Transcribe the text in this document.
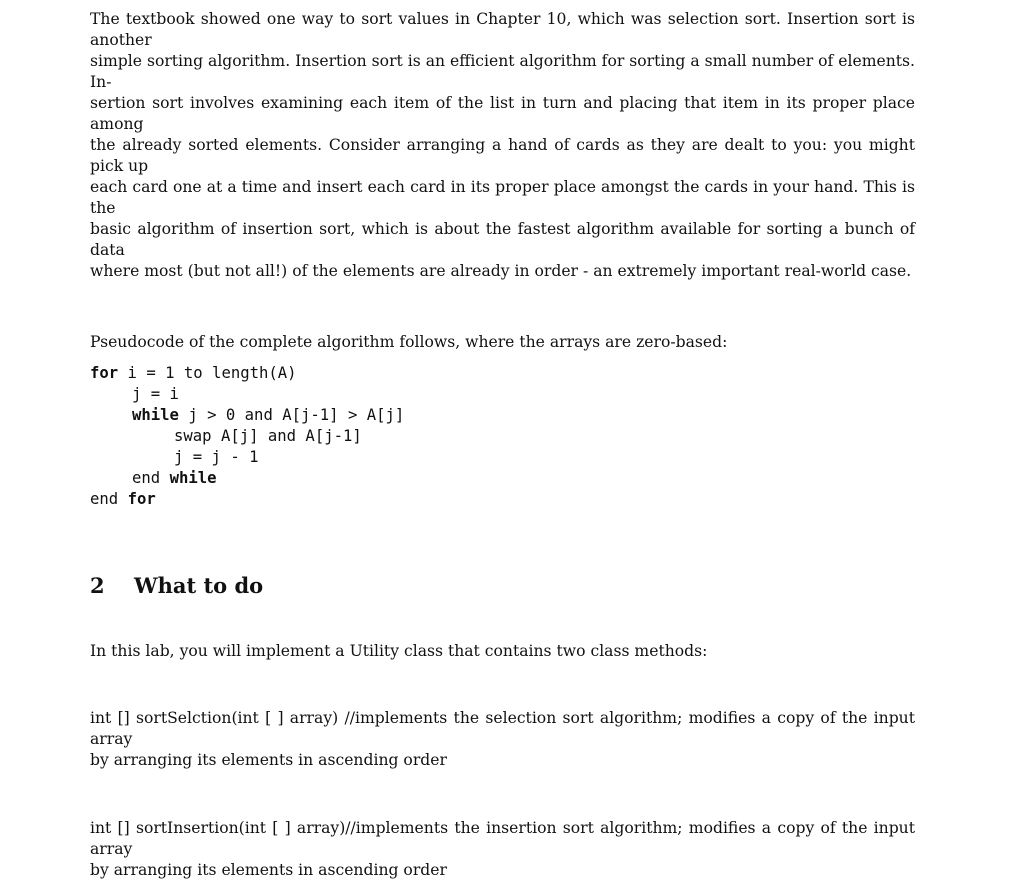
The textbook showed one way to sort values in Chapter 10, which was selection sort. Insertion sort is another
simple sorting algorithm. Insertion sort is an efficient algorithm for sorting a small number of elements. In-
sertion sort involves examining each item of the list in turn and placing that item in its proper place among
the already sorted elements. Consider arranging a hand of cards as they are dealt to you: you might pick up
each card one at a time and insert each card in its proper place amongst the cards in your hand. This is the
basic algorithm of insertion sort, which is about the fastest algorithm available for sorting a bunch of data
where most (but not all!) of the elements are already in order - an extremely important real-world case.
Pseudocode of the complete algorithm follows, where the arrays are zero-based:
for i = 1 to length(A)
j = i
while j > 0 and A[j-1] > A[j]
swap A[j] and A[j-1]
j = j - 1
end while
end for
2	What to do
In this lab, you will implement a Utility class that contains two class methods:
int [] sortSelction(int [ ] array) //implements the selection sort algorithm; modifies a copy of the input array
by arranging its elements in ascending order
int [] sortInsertion(int [ ] array)//implements the insertion sort algorithm; modifies a copy of the input array
by arranging its elements in ascending order
